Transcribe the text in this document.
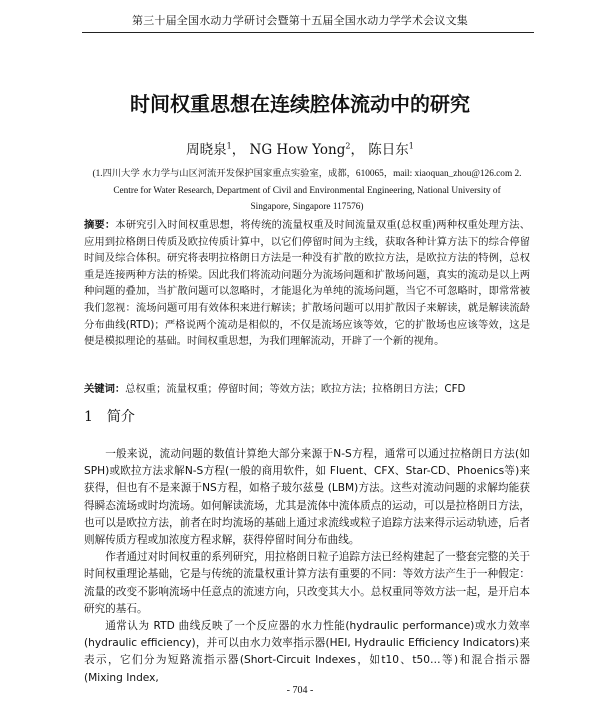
第三十届全国水动力学研讨会暨第十五届全国水动力学学术会议文集
时间权重思想在连续腔体流动中的研究
周晓泉$^1$， NG How Yong$^2$， 陈日东$^1$
(1.四川大学 水力学与山区河流开发保护国家重点实验室，成都，610065，mail: xiaoquan_zhou@126.com 2.
Centre for Water Research, Department of Civil and Environmental Engineering, National University of
Singapore, Singapore 117576)
摘要：本研究引入时间权重思想，将传统的流量权重及时间流量双重(总权重)两种权重处理方法、应用到拉格朗日传质及欧拉传质计算中，以它们停留时间为主线，获取各种计算方法下的综合停留时间及综合体积。研究将表明拉格朗日方法是一种没有扩散的欧拉方法，是欧拉方法的特例，总权重是连接两种方法的桥梁。因此我们将流动问题分为流场问题和扩散场问题，真实的流动是以上两种问题的叠加，当扩散问题可以忽略时，才能退化为单纯的流场问题，当它不可忽略时，即常常被我们忽视：流场问题可用有效体积来进行解读；扩散场问题可以用扩散因子来解读，就是解读流龄分布曲线(RTD)；严格说两个流动是相似的，不仅是流场应该等效，它的扩散场也应该等效，这是便是模拟理论的基础。时间权重思想，为我们理解流动，开辟了一个新的视角。
关键词：总权重；流量权重；停留时间；等效方法；欧拉方法；拉格朗日方法；CFD
1 简介

一般来说，流动问题的数值计算绝大部分来源于N-S方程，通常可以通过拉格朗日方法(如SPH)或欧拉方法求解N-S方程(一般的商用软件，如 Fluent、CFX、Star-CD、Phoenics等)来获得，但也有不是来源于NS方程，如格子玻尔兹曼 (LBM)方法。这些对流动问题的求解均能获得瞬态流场或时均流场。如何解读流场，尤其是流体中流体质点的运动，可以是拉格朗日方法，也可以是欧拉方法，前者在时均流场的基础上通过求流线或粒子追踪方法来得示运动轨迹，后者则解传质方程或加浓度方程求解，获得停留时间分布曲线。

作者通过对时间权重的系列研究，用拉格朗日粒子追踪方法已经构建起了一整套完整的关于时间权重理论基础，它是与传统的流量权重计算方法有重要的不同：等效方法产生于一种假定：流量的改变不影响流场中任意点的流速方向，只改变其大小。总权重同等效方法一起，是开启本研究的基石。

通常认为 RTD 曲线反映了一个反应器的水力性能(hydraulic performance)或水力效率(hydraulic efficiency)，并可以由水力效率指示器(HEI, Hydraulic Efficiency Indicators)来表示，它们分为短路流指示器(Short-Circuit Indexes，如t10、t50…等)和混合指示器(Mixing Index,

- 704 -
